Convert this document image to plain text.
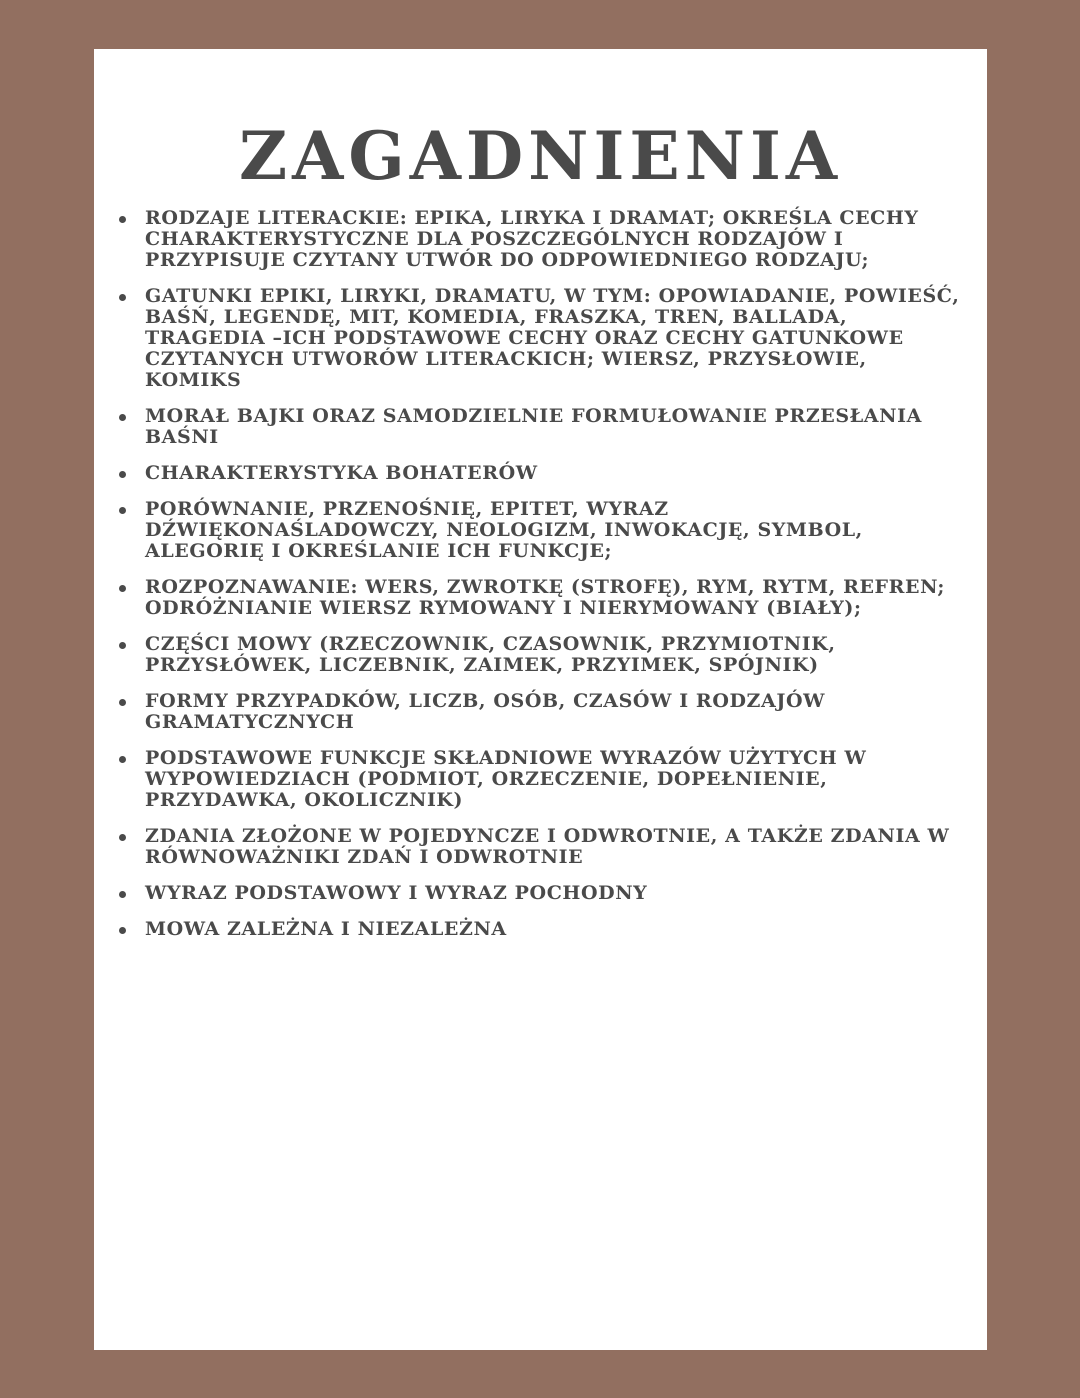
ZAGADNIENIA
RODZAJE LITERACKIE: EPIKA, LIRYKA I DRAMAT; OKREŚLA CECHY CHARAKTERYSTYCZNE DLA POSZCZEGÓLNYCH RODZAJÓW I PRZYPISUJE CZYTANY UTWÓR DO ODPOWIEDNIEGO RODZAJU;
GATUNKI EPIKI, LIRYKI, DRAMATU, W TYM: OPOWIADANIE, POWIEŚĆ, BAŚŃ, LEGENDĘ, MIT, KOMEDIA, FRASZKA, TREN, BALLADA, TRAGEDIA –ICH PODSTAWOWE CECHY ORAZ CECHY GATUNKOWE CZYTANYCH UTWORÓW LITERACKICH; WIERSZ, PRZYSŁOWIE, KOMIKS
MORAŁ BAJKI ORAZ SAMODZIELNIE FORMUŁOWANIE PRZESŁANIA BAŚNI
CHARAKTERYSTYKA BOHATERÓW
PORÓWNANIE, PRZENOŚNIĘ, EPITET, WYRAZ DŹWIĘKONAŚLADOWCZY, NEOLOGIZM, INWOKACJĘ, SYMBOL, ALEGORIĘ I OKREŚLANIE ICH FUNKCJE;
ROZPOZNAWANIE: WERS, ZWROTKĘ (STROFĘ), RYM, RYTM, REFREN; ODRÓŻNIANIE WIERSZ RYMOWANY I NIERYMOWANY (BIAŁY);
CZĘŚCI MOWY (RZECZOWNIK, CZASOWNIK, PRZYMIOTNIK, PRZYSŁÓWEK, LICZEBNIK, ZAIMEK, PRZYIMEK, SPÓJNIK)
FORMY PRZYPADKÓW, LICZB, OSÓB, CZASÓW I RODZAJÓW GRAMATYCZNYCH
PODSTAWOWE FUNKCJE SKŁADNIOWE WYRAZÓW UŻYTYCH W WYPOWIEDZIACH (PODMIOT, ORZECZENIE, DOPEŁNIENIE, PRZYDAWKA, OKOLICZNIK)
ZDANIA ZŁOŻONE W POJEDYNCZE I ODWROTNIE, A TAKŻE ZDANIA W RÓWNOWAŻNIKI ZDAŃ I ODWROTNIE
WYRAZ PODSTAWOWY I WYRAZ POCHODNY
MOWA ZALEŻNA I NIEZALEŻNA
